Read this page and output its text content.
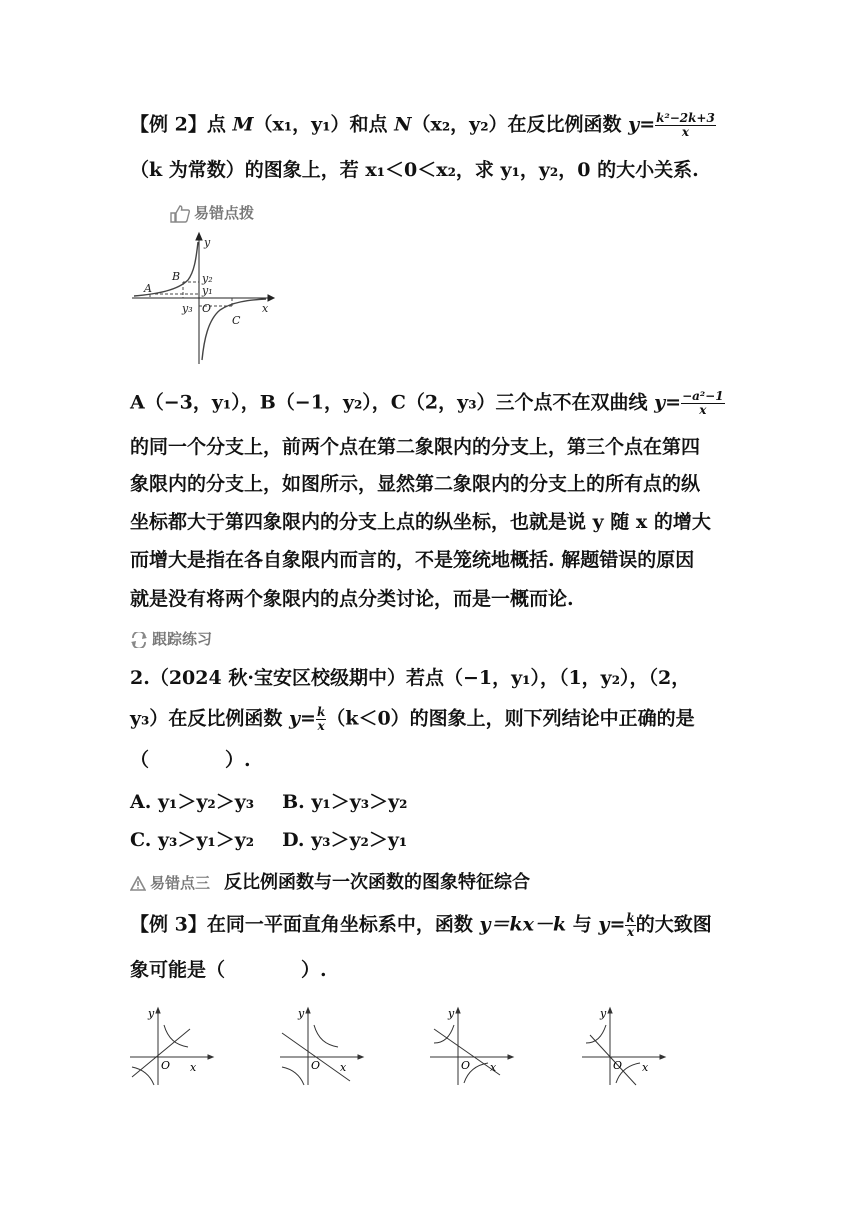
【例 2】点 M（x₁，y₁）和点 N（x₂，y₂）在反比例函数 $y= \frac{\text{k²−2k+3}}{x}$
（k 为常数）的图象上，若 x₁＜0＜x₂，求 y₁，y₂，0 的大小关系.
易错点拨
y
B
A
y₂
y₁
y₃ O
C
x
A（−3，y₁），B（−1，y₂），C（2，y₃）三个点不在双曲线 $y= \frac{\text{−a²−1}}{x}$
的同一个分支上，前两个点在第二象限内的分支上，第三个点在第四
象限内的分支上，如图所示，显然第二象限内的分支上的所有点的纵
坐标都大于第四象限内的分支上点的纵坐标，也就是说 y 随 x 的增大
而增大是指在各自象限内而言的，不是笼统地概括. 解题错误的原因
就是没有将两个象限内的点分类讨论，而是一概而论.
跟踪练习
2.（2024 秋·宝安区校级期中）若点（−1，y₁），（1，y₂），（2，
y₃）在反比例函数 $y= \frac{k}{x} (k<0)$的图象上，则下列结论中正确的是
（　　　　）.
A. y₁＞y₂＞y₃ B. y₁＞y₃＞y₂
C. y₃＞y₁＞y₂ D. y₃＞y₂＞y₁
易错点三 反比例函数与一次函数的图象特征综合
【例 3】在同一平面直角坐标系中，函数 y＝kx－k 与 $y= \frac{k}{x}$ 的大致图
象可能是（　　　　）.
y
O x
y
O x
y
O x
y
O x
